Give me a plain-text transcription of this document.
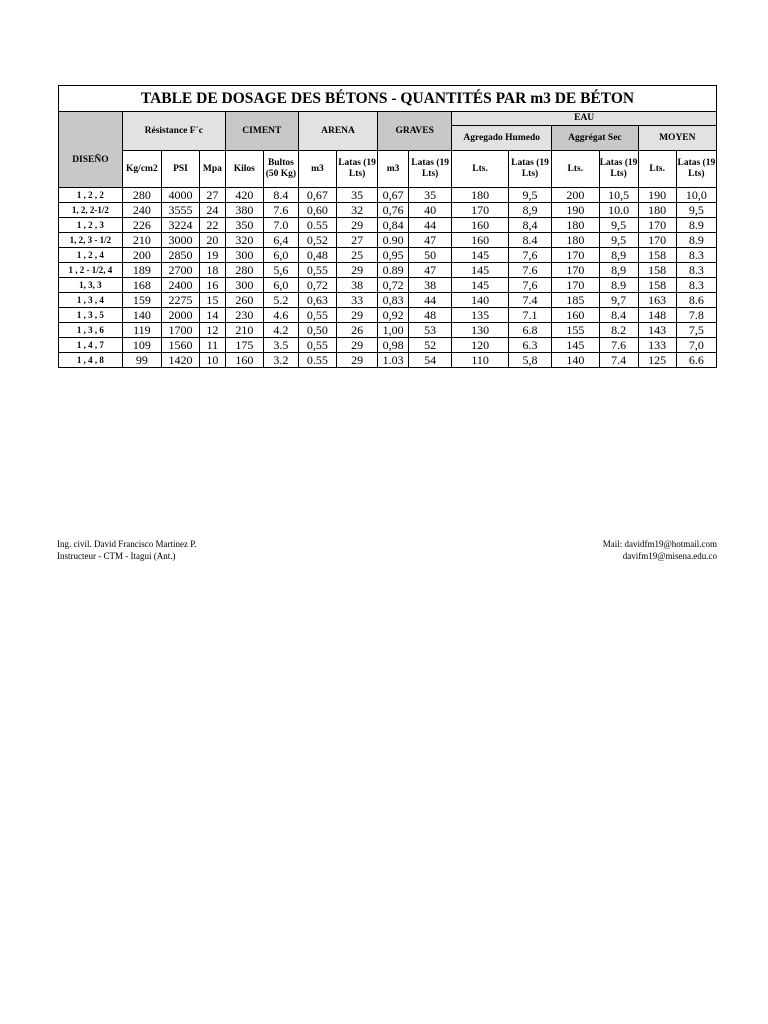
TABLE DE DOSAGE DES BÉTONS - QUANTITÉS PAR m3 DE BÉTON															
DISEÑO	Résistance F´c			CIMENT		ARENA		GRAVES		EAU					
										Agregado Humedo		Aggrégat Sec		MOYEN	
	Kg/cm2	PSI	Mpa	Kilos	Bultos (50 Kg)	m3	Latas (19 Lts)	m3	Latas (19 Lts)	Lts.	Latas (19 Lts)	Lts.	Latas (19 Lts)	Lts.	Latas (19 Lts)
1 , 2 , 2	280	4000	27	420	8.4	0,67	35	0,67	35	180	9,5	200	10,5	190	10,0
1, 2, 2-1/2	240	3555	24	380	7.6	0,60	32	0,76	40	170	8,9	190	10.0	180	9,5
1 , 2 , 3	226	3224	22	350	7.0	0.55	29	0,84	44	160	8,4	180	9,5	170	8.9
1, 2, 3 - 1/2	210	3000	20	320	6,4	0,52	27	0.90	47	160	8.4	180	9,5	170	8.9
1 , 2 , 4	200	2850	19	300	6,0	0,48	25	0,95	50	145	7,6	170	8,9	158	8.3
1 , 2 - 1/2, 4	189	2700	18	280	5,6	0,55	29	0.89	47	145	7.6	170	8,9	158	8.3
1, 3, 3	168	2400	16	300	6,0	0,72	38	0,72	38	145	7,6	170	8.9	158	8.3
1 , 3 , 4	159	2275	15	260	5.2	0,63	33	0,83	44	140	7.4	185	9,7	163	8.6
1 , 3 , 5	140	2000	14	230	4.6	0,55	29	0,92	48	135	7.1	160	8.4	148	7.8
1 , 3 , 6	119	1700	12	210	4.2	0,50	26	1,00	53	130	6.8	155	8.2	143	7,5
1 , 4 , 7	109	1560	11	175	3.5	0,55	29	0,98	52	120	6.3	145	7.6	133	7,0
1 , 4 , 8	99	1420	10	160	3.2	0.55	29	1.03	54	110	5,8	140	7.4	125	6.6
Ing. civil. David Francisco Martinez P.
Instructeur - CTM - Itagui (Ant.)
Mail: davidfm19@hotmail.com
davifm19@misena.edu.co
